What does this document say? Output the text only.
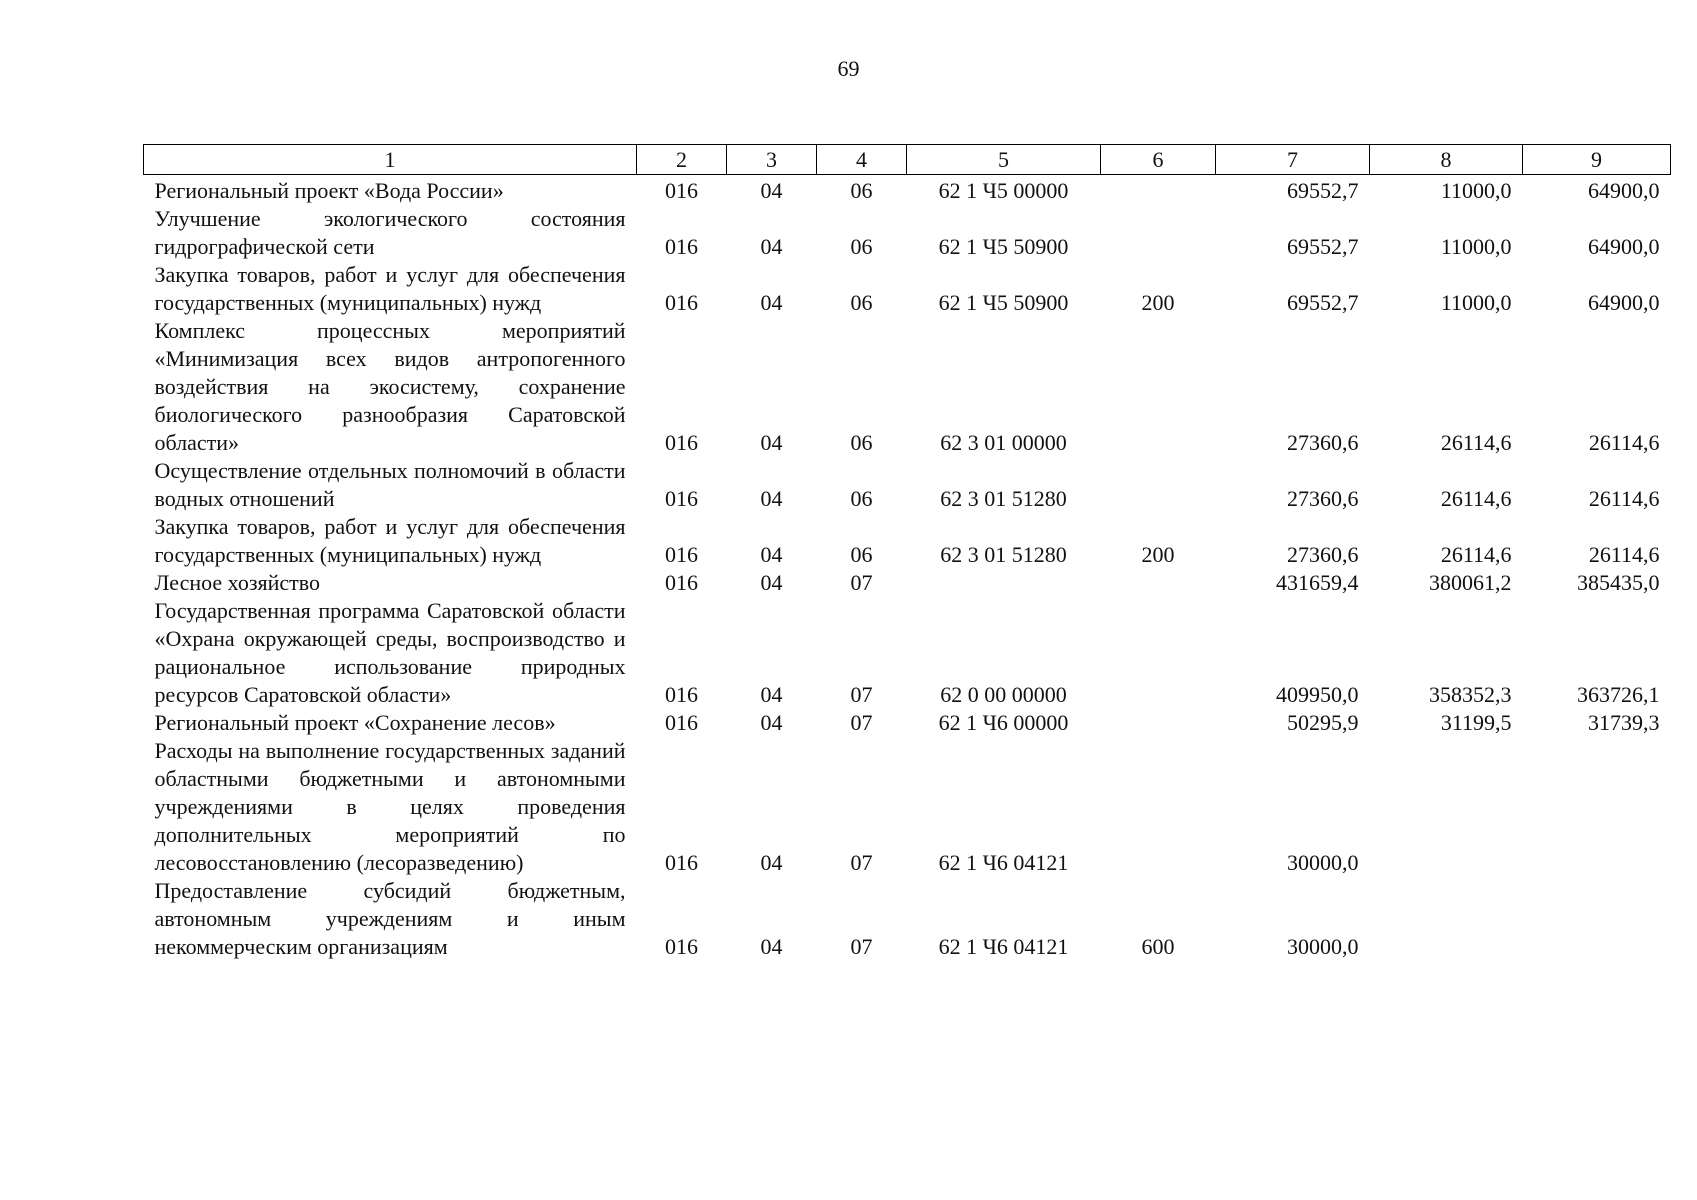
69
1	2	3	4	5	6	7	8	9
Региональный проект «Вода России»	016	04	06	62 1 Ч5 00000		69552,7	11000,0	64900,0
Улучшение экологического состояния гидрографической сети	016	04	06	62 1 Ч5 50900		69552,7	11000,0	64900,0
Закупка товаров, работ и услуг для обеспечения государственных (муниципальных) нужд	016	04	06	62 1 Ч5 50900	200	69552,7	11000,0	64900,0
Комплекс процессных мероприятий «Минимизация всех видов антропогенного воздействия на экосистему, сохранение биологического разнообразия Саратовской области»	016	04	06	62 3 01 00000		27360,6	26114,6	26114,6
Осуществление отдельных полномочий в области водных отношений	016	04	06	62 3 01 51280		27360,6	26114,6	26114,6
Закупка товаров, работ и услуг для обеспечения государственных (муниципальных) нужд	016	04	06	62 3 01 51280	200	27360,6	26114,6	26114,6
Лесное хозяйство	016	04	07			431659,4	380061,2	385435,0
Государственная программа Саратовской области «Охрана окружающей среды, воспроизводство и рациональное использование природных ресурсов Саратовской области»	016	04	07	62 0 00 00000		409950,0	358352,3	363726,1
Региональный проект «Сохранение лесов»	016	04	07	62 1 Ч6 00000		50295,9	31199,5	31739,3
Расходы на выполнение государственных заданий областными бюджетными и автономными учреждениями в целях проведения дополнительных мероприятий по лесовосстановлению (лесоразведению)	016	04	07	62 1 Ч6 04121		30000,0		
Предоставление субсидий бюджетным, автономным учреждениям и иным некоммерческим организациям	016	04	07	62 1 Ч6 04121	600	30000,0		
